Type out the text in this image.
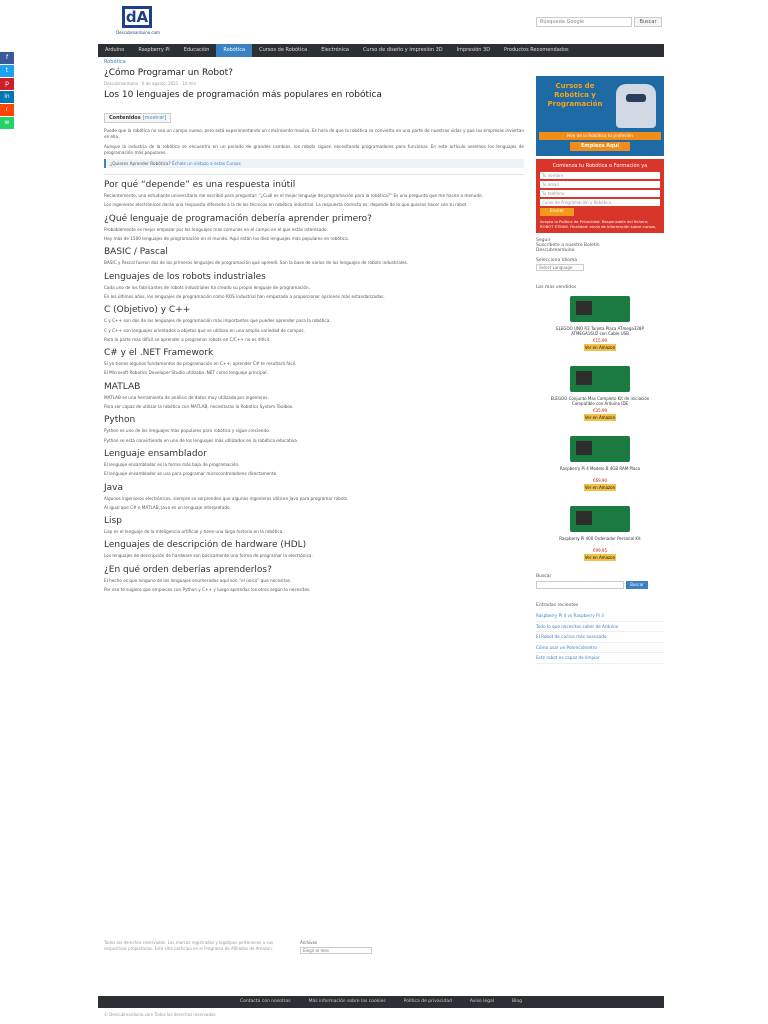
dA
Descubrearduino.com
Búsqueda Google	Buscar
Arduino	Raspberry Pi	Educación	Robótica	Cursos de Robótica	Electrónica	Curso de diseño y impresión 3D	Impresión 3D	Productos Recomendados
Robótica
f
t
p
in
r
w
¿Cómo Programar un Robot?
Descubrearduino · 6 de agosto, 2021 · 14 min
Los 10 lenguajes de programación más populares en robótica
Contenidos [mostrar]
Puede que la robótica no sea un campo nuevo, pero está experimentando un crecimiento masivo. Es hora de que la robótica se convierta en una parte de nuestras vidas y que las empresas inviertan en ella.
Aunque la industria de la robótica se encuentra en un periodo de grandes cambios, los robots siguen necesitando programadores para funcionar. En este artículo veremos los lenguajes de programación más populares.
¿Quieres Aprender Robótica? Échale un vistazo a estos Cursos
Por qué “depende” es una respuesta inútil
Recientemente, una estudiante universitaria me escribió para preguntar: “¿Cuál es el mejor lenguaje de programación para la robótica?” Es una pregunta que me hacen a menudo.
Los ingenieros electrónicos darán una respuesta diferente a la de los técnicos en robótica industrial. La respuesta correcta es: depende de lo que quieras hacer con tu robot.
¿Qué lenguaje de programación debería aprender primero?
Probablemente es mejor empezar por los lenguajes más comunes en el campo en el que estás interesado.
Hay más de 1500 lenguajes de programación en el mundo. Aquí están los diez lenguajes más populares en robótica.
BASIC / Pascal
BASIC y Pascal fueron dos de los primeros lenguajes de programación que aprendí. Son la base de varios de los lenguajes de robots industriales.
Lenguajes de los robots industriales
Cada uno de los fabricantes de robots industriales ha creado su propio lenguaje de programación.
En los últimos años, los lenguajes de programación como ROS Industrial han empezado a proporcionar opciones más estandarizadas.
C (Objetivo) y C++
C y C++ son dos de los lenguajes de programación más importantes que puedes aprender para la robótica.
C y C++ son lenguajes orientados a objetos que se utilizan en una amplia variedad de campos.
Para la parte más difícil se aprender a programar robots en C/C++ no es difícil.
C# y el .NET Framework
Si ya tienes algunos fundamentos de programación en C++, aprender C# te resultará fácil.
El Microsoft Robotics Developer Studio utilizaba .NET como lenguaje principal.
MATLAB
MATLAB es una herramienta de análisis de datos muy utilizada por ingenieros.
Para ser capaz de utilizar la robótica con MATLAB, necesitarás la Robotics System Toolbox.
Python
Python es uno de los lenguajes más populares para robótica y sigue creciendo.
Python se está convirtiendo en uno de los lenguajes más utilizados en la robótica educativa.
Lenguaje ensamblador
El lenguaje ensamblador es la forma más baja de programación.
El lenguaje ensamblador se usa para programar microcontroladores directamente.
Java
Algunos ingenieros electrónicos, siempre se sorprenden que algunos ingenieros utilicen Java para programar robots.
Al igual que C# o MATLAB, Java es un lenguaje interpretado.
Lisp
Lisp es el lenguaje de la inteligencia artificial y tiene una larga historia en la robótica.
Lenguajes de descripción de hardware (HDL)
Los lenguajes de descripción de hardware son básicamente una forma de programar la electrónica.
¿En qué orden deberías aprenderlos?
El hecho es que ninguno de los lenguajes enumerados aquí son “el único” que necesitas.
Por eso te sugiero que empieces con Python y C++ y luego aprendas los otros según lo necesites.
Cursos de Robótica y Programación
Hoy de la Robótica tu profesión
Empieza Aquí
Comienza tu Robótica o Formación ya
Tu nombre
Tu email
Tu teléfono
Curso de Programación y Robótica
Enviar
Acepto la Política de Privacidad. Responsable del fichero: ROBOT STEAM. Finalidad: envío de información sobre cursos.
Seguir
Suscríbete a nuestro Boletín
Descubrearduino
Selecciona Idioma
Select Language
Los más vendidos
ELEGOO UNO R3 Tarjeta Placa ATmega328P ATMEGA16U2 con Cable USB
€15,99
Ver en Amazon
ELEGOO Conjunto Mas Completo Kit de iniciación Compatible con Arduino IDE
€35,99
Ver en Amazon
Raspberry Pi 4 Modelo B 4GB RAM Placa
€69,90
Ver en Amazon
Raspberry Pi 400 Ordenador Personal Kit
€99,95
Ver en Amazon
Buscar
Buscar
Entradas recientes
Raspberry Pi 4 vs Raspberry Pi 3
Todo lo que necesitas saber de Arduino
El Robot de cocina más avanzado
Cómo usar un Potenciómetro
Este robot es capaz de limpiar
Todos los derechos reservados. Las marcas registradas y logotipos pertenecen a sus respectivos propietarios. Este sitio participa en el Programa de Afiliados de Amazon.
Archivos
Elegir el mes
Contacta con nosotros	Más información sobre las cookies	Política de privacidad	Aviso legal	Blog
© Descubrearduino.com Todos los derechos reservados
